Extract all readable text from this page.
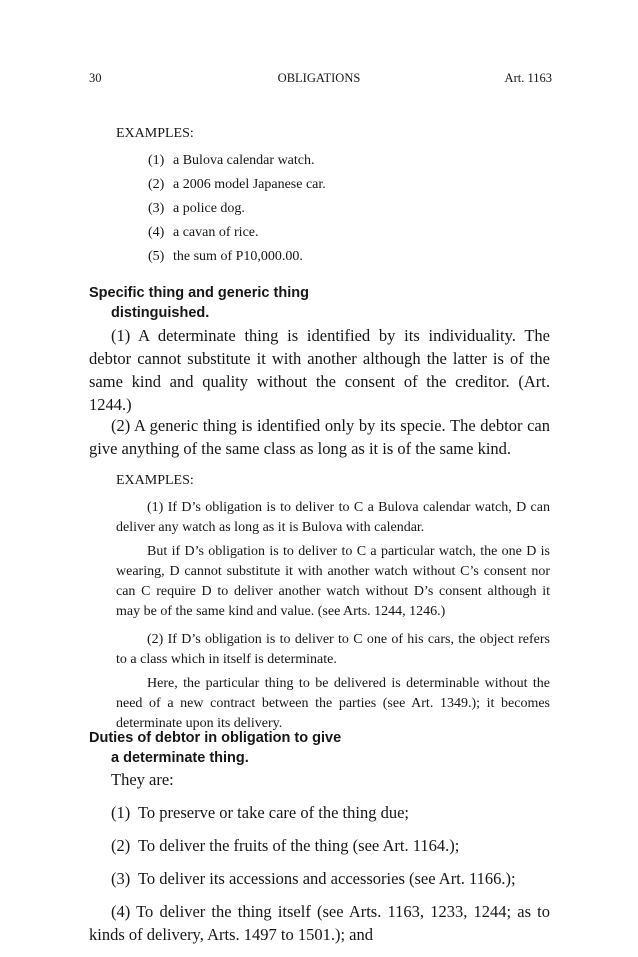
30	OBLIGATIONS	Art. 1163
EXAMPLES:
(1) a Bulova calendar watch.
(2) a 2006 model Japanese car.
(3) a police dog.
(4) a cavan of rice.
(5) the sum of P10,000.00.
Specific thing and generic thing
distinguished.
(1) A determinate thing is identified by its individuality. The debtor cannot substitute it with another although the latter is of the same kind and quality without the consent of the creditor. (Art. 1244.)
(2) A generic thing is identified only by its specie. The debtor can give anything of the same class as long as it is of the same kind.
EXAMPLES:
(1) If D’s obligation is to deliver to C a Bulova calendar watch, D can deliver any watch as long as it is Bulova with calendar.
But if D’s obligation is to deliver to C a particular watch, the one D is wearing, D cannot substitute it with another watch without C’s consent nor can C require D to deliver another watch without D’s consent although it may be of the same kind and value. (see Arts. 1244, 1246.)
(2) If D’s obligation is to deliver to C one of his cars, the object refers to a class which in itself is determinate.
Here, the particular thing to be delivered is determinable without the need of a new contract between the parties (see Art. 1349.); it becomes determinate upon its delivery.
Duties of debtor in obligation to give
a determinate thing.
They are:
(1) To preserve or take care of the thing due;
(2) To deliver the fruits of the thing (see Art. 1164.);
(3) To deliver its accessions and accessories (see Art. 1166.);
(4) To deliver the thing itself (see Arts. 1163, 1233, 1244; as to kinds of delivery, Arts. 1497 to 1501.); and
